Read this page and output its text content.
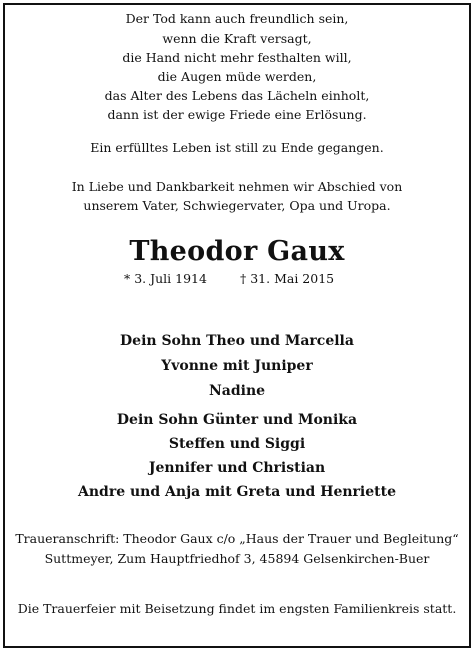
Der Tod kann auch freundlich sein,
wenn die Kraft versagt,
die Hand nicht mehr festhalten will,
die Augen müde werden,
das Alter des Lebens das Lächeln einholt,
dann ist der ewige Friede eine Erlösung.
Ein erfülltes Leben ist still zu Ende gegangen.
In Liebe und Dankbarkeit nehmen wir Abschied von
unserem Vater, Schwiegervater, Opa und Uropa.
Theodor Gaux
* 3. Juli 1914	† 31. Mai 2015
Dein Sohn Theo und Marcella
Yvonne mit Juniper
Nadine
Dein Sohn Günter und Monika
Steffen und Siggi
Jennifer und Christian
Andre und Anja mit Greta und Henriette
Traueranschrift: Theodor Gaux c/o „Haus der Trauer und Begleitung“
Suttmeyer, Zum Hauptfriedhof 3, 45894 Gelsenkirchen-Buer
Die Trauerfeier mit Beisetzung findet im engsten Familienkreis statt.
